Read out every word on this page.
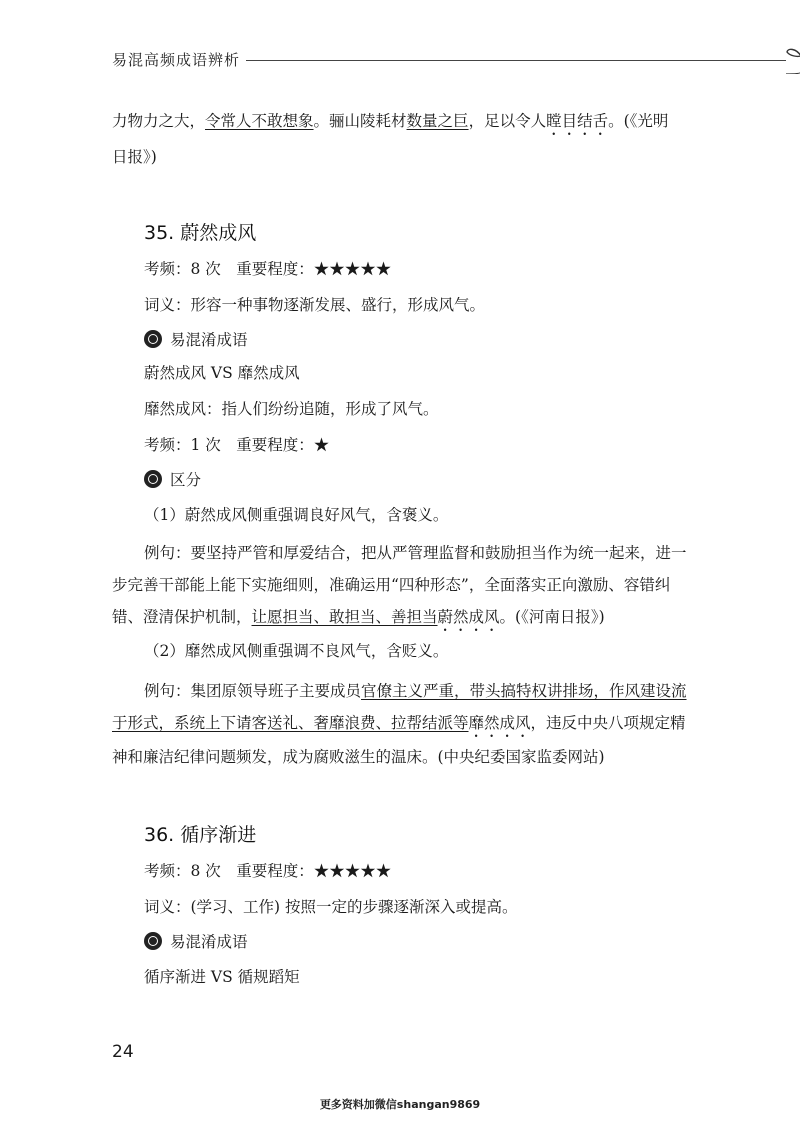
易混高频成语辨析
力物力之大，令常人不敢想象。骊山陵耗材数量之巨，足以令人瞠目结舌。(《光明
日报》)
35. 蔚然成风
考频：8 次　重要程度：★★★★★
词义：形容一种事物逐渐发展、盛行，形成风气。
易混淆成语
蔚然成风 VS 靡然成风
靡然成风：指人们纷纷追随，形成了风气。
考频：1 次　重要程度：★
区分
（1）蔚然成风侧重强调良好风气，含褒义。
例句：要坚持严管和厚爱结合，把从严管理监督和鼓励担当作为统一起来，进一
步完善干部能上能下实施细则，准确运用“四种形态”，全面落实正向激励、容错纠
错、澄清保护机制，让愿担当、敢担当、善担当蔚然成风。(《河南日报》)
（2）靡然成风侧重强调不良风气，含贬义。
例句：集团原领导班子主要成员官僚主义严重，带头搞特权讲排场，作风建设流
于形式，系统上下请客送礼、奢靡浪费、拉帮结派等靡然成风，违反中央八项规定精
神和廉洁纪律问题频发，成为腐败滋生的温床。(中央纪委国家监委网站)
36. 循序渐进
考频：8 次　重要程度：★★★★★
词义：(学习、工作) 按照一定的步骤逐渐深入或提高。
易混淆成语
循序渐进 VS 循规蹈矩
24
更多资料加微信shangan9869
